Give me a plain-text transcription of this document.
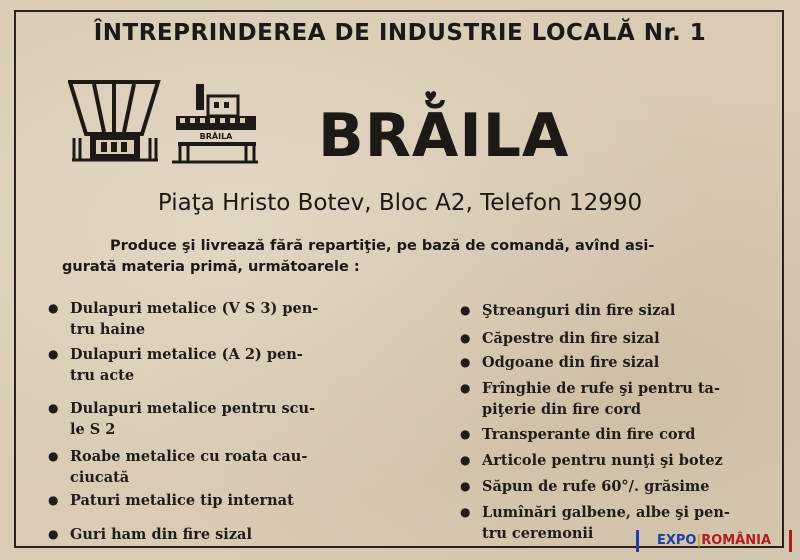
ÎNTREPRINDEREA DE INDUSTRIE LOCALĂ Nr. 1
BRĂILA
♥
BRĂILA
Piaţa Hristo Botev, Bloc A2, Telefon 12990
Produce şi livrează fără repartiţie, pe bază de comandă, avînd asi-
gurată materia primă, următoarele :
● Dulapuri metalice (V S 3) pen-
tru haine
● Dulapuri metalice (A 2) pen-
tru acte
● Dulapuri metalice pentru scu-
le S 2
● Roabe metalice cu roata cau-
ciucată
● Paturi metalice tip internat
● Guri ham din fire sizal
● Ştreanguri din fire sizal
● Căpestre din fire sizal
● Odgoane din fire sizal
● Frînghie de rufe şi pentru ta-
piţerie din fire cord
● Transperante din fire cord
● Articole pentru nunţi şi botez
● Săpun de rufe 60°/. grăsime
● Lumînări galbene, albe şi pen-
tru ceremonii	EXPO|ROMÂNIA
